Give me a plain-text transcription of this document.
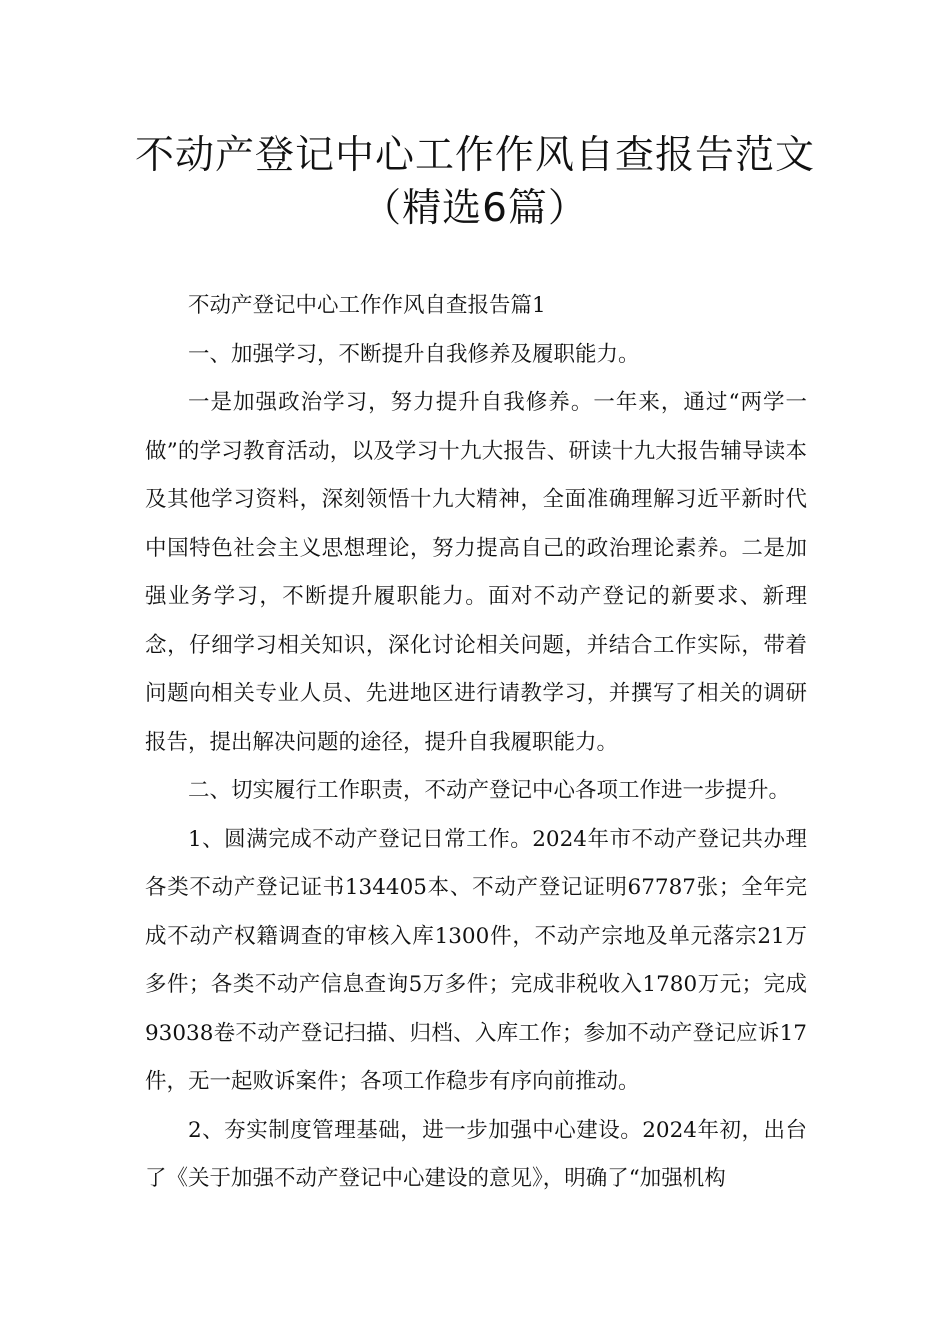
不动产登记中心工作作风自查报告范文
（精选6篇）

不动产登记中心工作作风自查报告篇1

一、加强学习，不断提升自我修养及履职能力。

一是加强政治学习，努力提升自我修养。一年来，通过“两学一做”的学习教育活动，以及学习十九大报告、研读十九大报告辅导读本及其他学习资料，深刻领悟十九大精神，全面准确理解习近平新时代中国特色社会主义思想理论，努力提高自己的政治理论素养。二是加强业务学习，不断提升履职能力。面对不动产登记的新要求、新理念，仔细学习相关知识，深化讨论相关问题，并结合工作实际，带着问题向相关专业人员、先进地区进行请教学习，并撰写了相关的调研报告，提出解决问题的途径，提升自我履职能力。

二、切实履行工作职责，不动产登记中心各项工作进一步提升。

1、圆满完成不动产登记日常工作。2024年市不动产登记共办理各类不动产登记证书134405本、不动产登记证明67787张；全年完成不动产权籍调查的审核入库1300件，不动产宗地及单元落宗21万多件；各类不动产信息查询5万多件；完成非税收入1780万元；完成93038卷不动产登记扫描、归档、入库工作；参加不动产登记应诉17件，无一起败诉案件；各项工作稳步有序向前推动。

2、夯实制度管理基础，进一步加强中心建设。2024年初，出台了《关于加强不动产登记中心建设的意见》，明确了“加强机构
